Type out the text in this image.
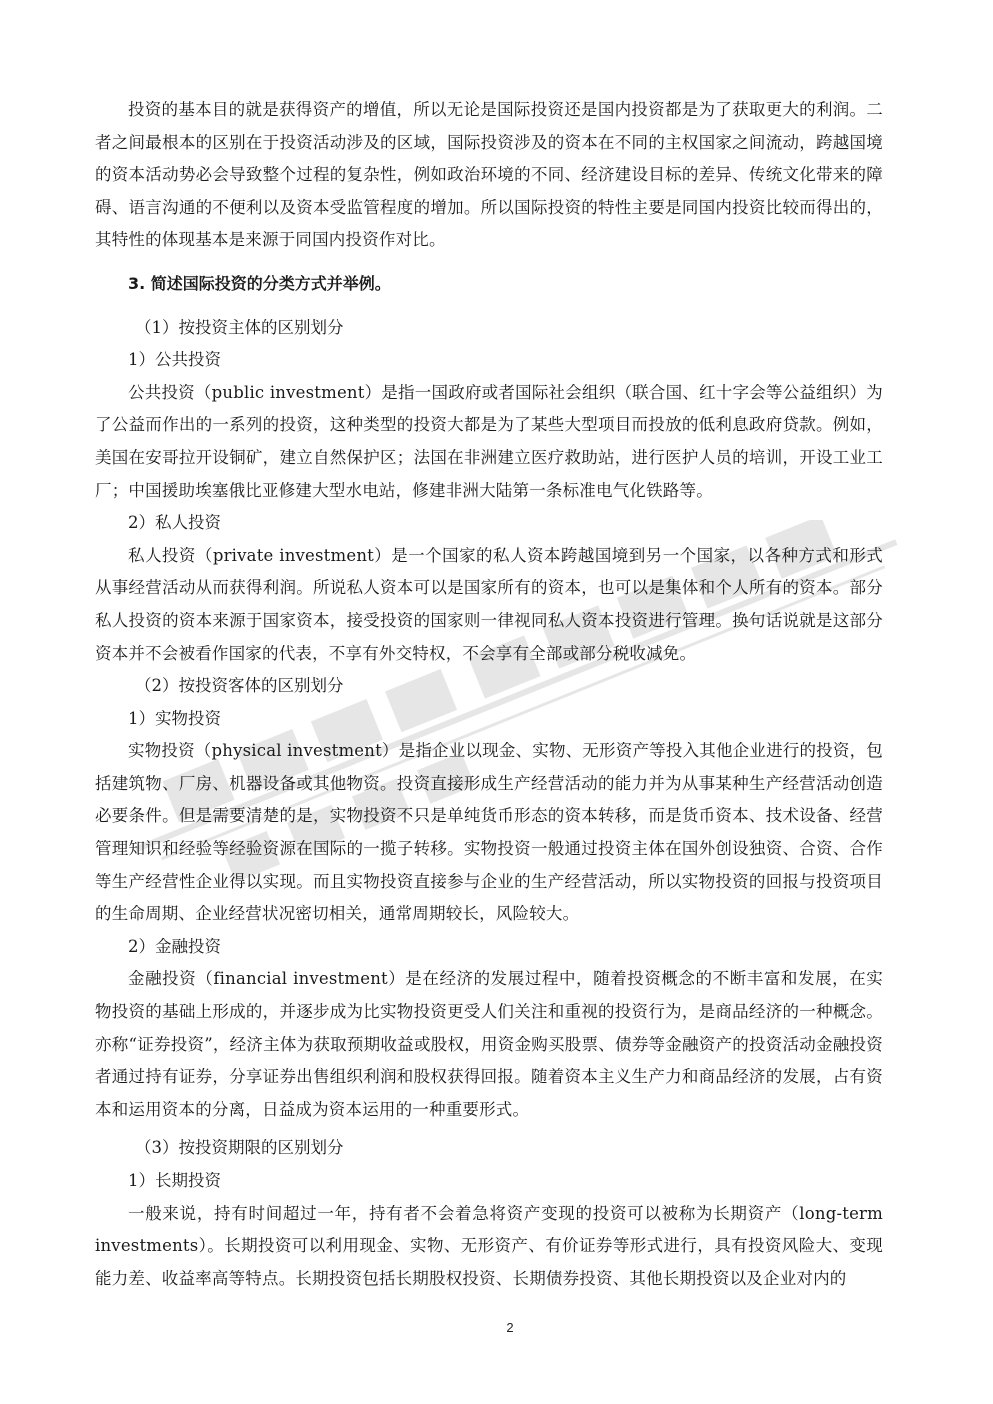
投资的基本目的就是获得资产的增值，所以无论是国际投资还是国内投资都是为了获取更大的利润。二者之间最根本的区别在于投资活动涉及的区域，国际投资涉及的资本在不同的主权国家之间流动，跨越国境的资本活动势必会导致整个过程的复杂性，例如政治环境的不同、经济建设目标的差异、传统文化带来的障碍、语言沟通的不便利以及资本受监管程度的增加。所以国际投资的特性主要是同国内投资比较而得出的，其特性的体现基本是来源于同国内投资作对比。

3. 简述国际投资的分类方式并举例。

（1）按投资主体的区别划分

1）公共投资

公共投资（public investment）是指一国政府或者国际社会组织（联合国、红十字会等公益组织）为了公益而作出的一系列的投资，这种类型的投资大都是为了某些大型项目而投放的低利息政府贷款。例如，美国在安哥拉开设铜矿，建立自然保护区；法国在非洲建立医疗救助站，进行医护人员的培训，开设工业工厂；中国援助埃塞俄比亚修建大型水电站，修建非洲大陆第一条标准电气化铁路等。

2）私人投资

私人投资（private investment）是一个国家的私人资本跨越国境到另一个国家，以各种方式和形式从事经营活动从而获得利润。所说私人资本可以是国家所有的资本，也可以是集体和个人所有的资本。部分私人投资的资本来源于国家资本，接受投资的国家则一律视同私人资本投资进行管理。换句话说就是这部分资本并不会被看作国家的代表，不享有外交特权，不会享有全部或部分税收减免。

（2）按投资客体的区别划分

1）实物投资

实物投资（physical investment）是指企业以现金、实物、无形资产等投入其他企业进行的投资，包括建筑物、厂房、机器设备或其他物资。投资直接形成生产经营活动的能力并为从事某种生产经营活动创造必要条件。但是需要清楚的是，实物投资不只是单纯货币形态的资本转移，而是货币资本、技术设备、经营管理知识和经验等经验资源在国际的一揽子转移。实物投资一般通过投资主体在国外创设独资、合资、合作等生产经营性企业得以实现。而且实物投资直接参与企业的生产经营活动，所以实物投资的回报与投资项目的生命周期、企业经营状况密切相关，通常周期较长，风险较大。

2）金融投资

金融投资（financial investment）是在经济的发展过程中，随着投资概念的不断丰富和发展，在实物投资的基础上形成的，并逐步成为比实物投资更受人们关注和重视的投资行为，是商品经济的一种概念。亦称“证券投资”，经济主体为获取预期收益或股权，用资金购买股票、债券等金融资产的投资活动金融投资者通过持有证券，分享证券出售组织利润和股权获得回报。随着资本主义生产力和商品经济的发展，占有资本和运用资本的分离，日益成为资本运用的一种重要形式。

（3）按投资期限的区别划分

1）长期投资

一般来说，持有时间超过一年，持有者不会着急将资产变现的投资可以被称为长期资产（long-term investments）。长期投资可以利用现金、实物、无形资产、有价证券等形式进行，具有投资风险大、变现能力差、收益率高等特点。长期投资包括长期股权投资、长期债券投资、其他长期投资以及企业对内的

2
